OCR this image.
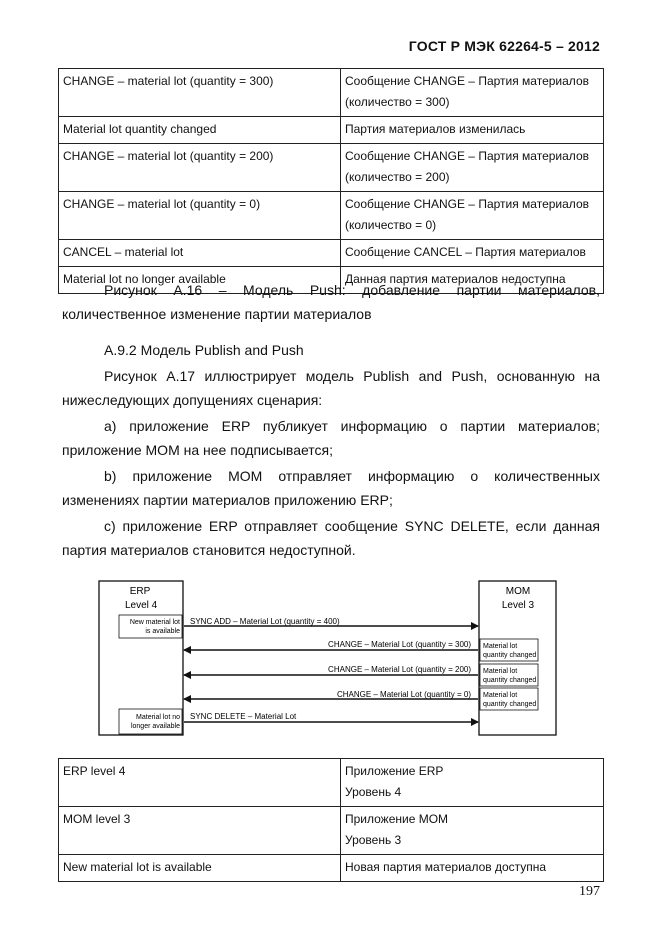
ГОСТ Р МЭК 62264-5 – 2012
CHANGE – material lot (quantity = 300)	Сообщение CHANGE – Партия материалов
(количество = 300)
Material lot quantity changed	Партия материалов изменилась
CHANGE – material lot (quantity = 200)	Сообщение CHANGE – Партия материалов
(количество = 200)
CHANGE – material lot (quantity = 0)	Сообщение CHANGE – Партия материалов
(количество = 0)
CANCEL – material lot	Сообщение CANCEL – Партия материалов
Material lot no longer available	Данная партия материалов недоступна
Рисунок А.16 – Модель Push: добавление партии материалов, количественное изменение партии материалов
А.9.2 Модель Publish and Push
Рисунок А.17 иллюстрирует модель Publish and Push, основанную на нижеследующих допущениях сценария:
а) приложение ERP публикует информацию о партии материалов; приложение MOM на нее подписывается;
b) приложение MOM отправляет информацию о количественных изменениях партии материалов приложению ERP;
с) приложение ERP отправляет сообщение SYNC DELETE, если данная партия материалов становится недоступной.
ERP
Level 4
New material lot
is available
Material lot no
longer available
MOM
Level 3
Material lot
quantity changed
Material lot
quantity changed
Material lot
quantity changed
SYNC ADD – Material Lot (quantity = 400)
CHANGE – Material Lot (quantity = 300)
CHANGE – Material Lot (quantity = 200)
CHANGE – Material Lot (quantity = 0)
SYNC DELETE – Material Lot
ERP level 4	Приложение ERP
Уровень 4
MOM level 3	Приложение MOM
Уровень 3
New material lot is available	Новая партия материалов доступна
197
